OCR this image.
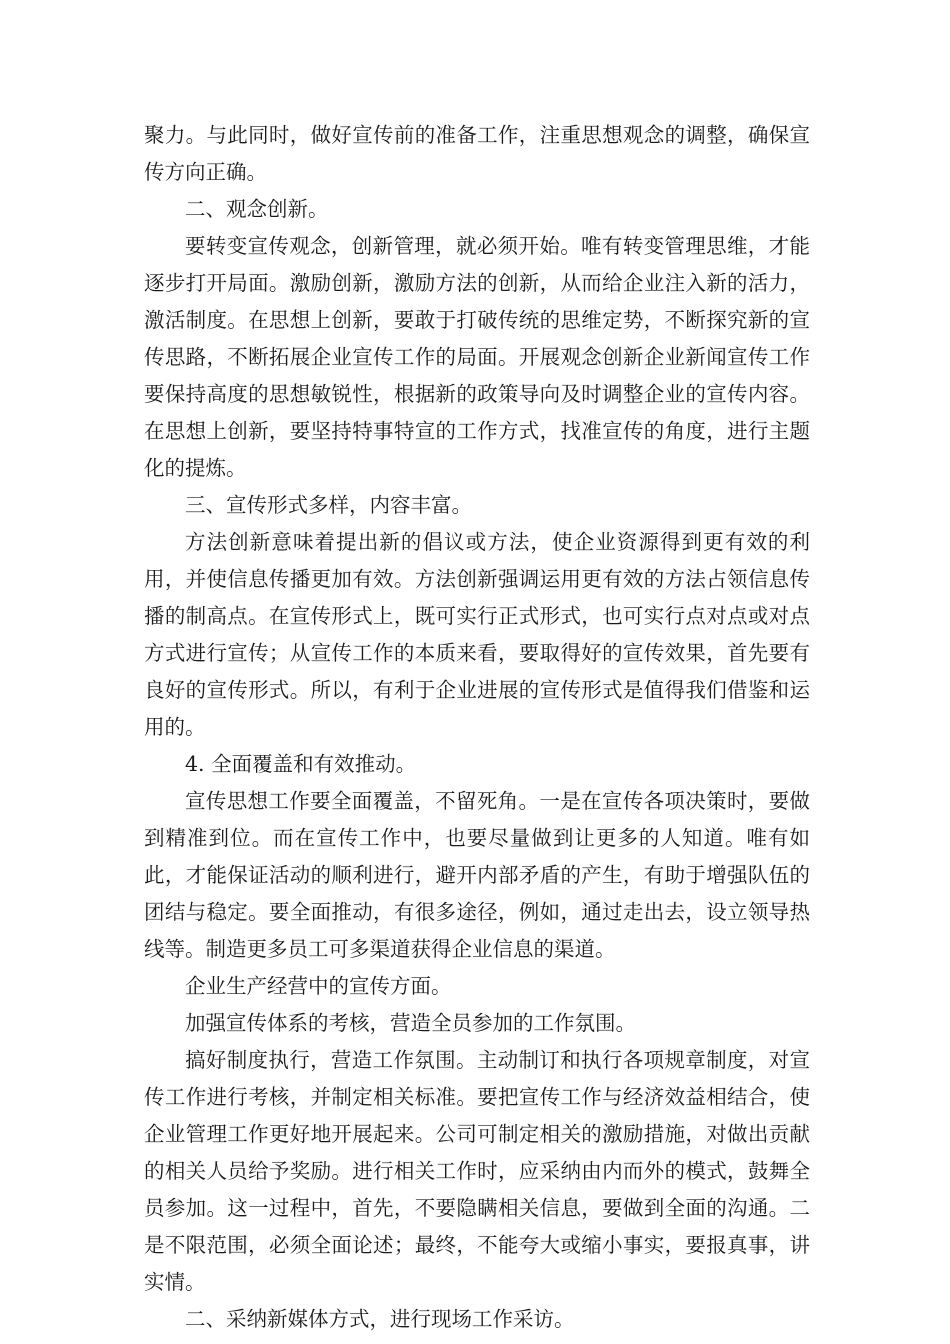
聚力。与此同时，做好宣传前的准备工作，注重思想观念的调整，确保宣传方向正确。

二、观念创新。

要转变宣传观念，创新管理，就必须开始。唯有转变管理思维，才能逐步打开局面。激励创新，激励方法的创新，从而给企业注入新的活力，激活制度。在思想上创新，要敢于打破传统的思维定势，不断探究新的宣传思路，不断拓展企业宣传工作的局面。开展观念创新企业新闻宣传工作要保持高度的思想敏锐性，根据新的政策导向及时调整企业的宣传内容。在思想上创新，要坚持特事特宣的工作方式，找准宣传的角度，进行主题化的提炼。

三、宣传形式多样，内容丰富。

方法创新意味着提出新的倡议或方法，使企业资源得到更有效的利用，并使信息传播更加有效。方法创新强调运用更有效的方法占领信息传播的制高点。在宣传形式上，既可实行正式形式，也可实行点对点或对点方式进行宣传；从宣传工作的本质来看，要取得好的宣传效果，首先要有良好的宣传形式。所以，有利于企业进展的宣传形式是值得我们借鉴和运用的。

4. 全面覆盖和有效推动。

宣传思想工作要全面覆盖，不留死角。一是在宣传各项决策时，要做到精准到位。而在宣传工作中，也要尽量做到让更多的人知道。唯有如此，才能保证活动的顺利进行，避开内部矛盾的产生，有助于增强队伍的团结与稳定。要全面推动，有很多途径，例如，通过走出去，设立领导热线等。制造更多员工可多渠道获得企业信息的渠道。

企业生产经营中的宣传方面。

加强宣传体系的考核，营造全员参加的工作氛围。

搞好制度执行，营造工作氛围。主动制订和执行各项规章制度，对宣传工作进行考核，并制定相关标准。要把宣传工作与经济效益相结合，使企业管理工作更好地开展起来。公司可制定相关的激励措施，对做出贡献的相关人员给予奖励。进行相关工作时，应采纳由内而外的模式，鼓舞全员参加。这一过程中，首先，不要隐瞒相关信息，要做到全面的沟通。二是不限范围，必须全面论述；最终，不能夸大或缩小事实，要报真事，讲实情。

二、采纳新媒体方式，进行现场工作采访。
